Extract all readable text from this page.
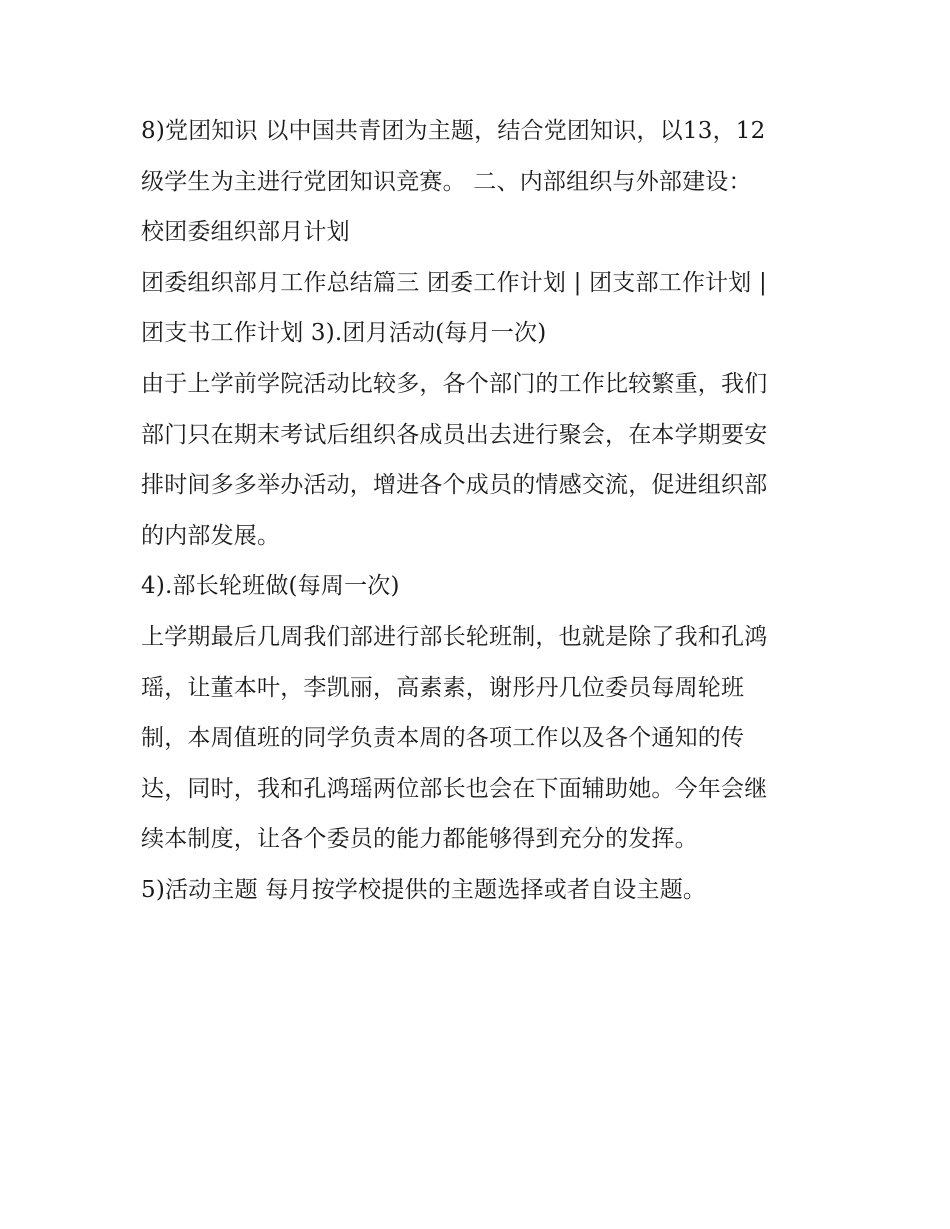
8)党团知识 以中国共青团为主题，结合党团知识，以13，12
级学生为主进行党团知识竞赛。 二、内部组织与外部建设：
校团委组织部月计划
团委组织部月工作总结篇三 团委工作计划 | 团支部工作计划 |
团支书工作计划 3).团月活动(每月一次)
由于上学前学院活动比较多，各个部门的工作比较繁重，我们
部门只在期末考试后组织各成员出去进行聚会，在本学期要安
排时间多多举办活动，增进各个成员的情感交流，促进组织部
的内部发展。
4).部长轮班做(每周一次)
上学期最后几周我们部进行部长轮班制，也就是除了我和孔鸿
瑶，让董本叶，李凯丽，高素素，谢彤丹几位委员每周轮班
制，本周值班的同学负责本周的各项工作以及各个通知的传
达，同时，我和孔鸿瑶两位部长也会在下面辅助她。今年会继
续本制度，让各个委员的能力都能够得到充分的发挥。
5)活动主题 每月按学校提供的主题选择或者自设主题。
